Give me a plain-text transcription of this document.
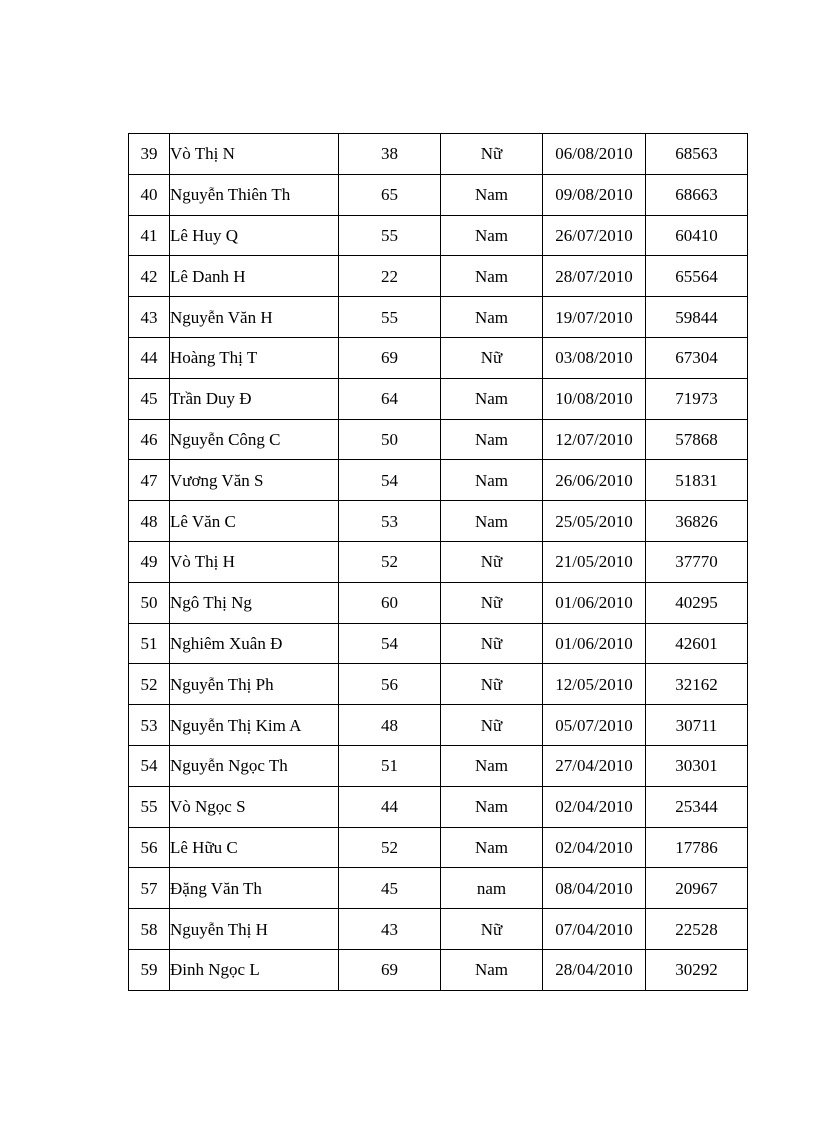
39	Vò Thị N	38	Nữ	06/08/2010	68563
40	Nguyễn Thiên Th	65	Nam	09/08/2010	68663
41	Lê Huy Q	55	Nam	26/07/2010	60410
42	Lê Danh H	22	Nam	28/07/2010	65564
43	Nguyễn Văn H	55	Nam	19/07/2010	59844
44	Hoàng Thị T	69	Nữ	03/08/2010	67304
45	Trần Duy Đ	64	Nam	10/08/2010	71973
46	Nguyễn Công C	50	Nam	12/07/2010	57868
47	Vương Văn S	54	Nam	26/06/2010	51831
48	Lê Văn C	53	Nam	25/05/2010	36826
49	Vò Thị H	52	Nữ	21/05/2010	37770
50	Ngô Thị Ng	60	Nữ	01/06/2010	40295
51	Nghiêm Xuân Đ	54	Nữ	01/06/2010	42601
52	Nguyễn Thị Ph	56	Nữ	12/05/2010	32162
53	Nguyễn Thị Kim A	48	Nữ	05/07/2010	30711
54	Nguyễn Ngọc Th	51	Nam	27/04/2010	30301
55	Vò Ngọc S	44	Nam	02/04/2010	25344
56	Lê Hữu C	52	Nam	02/04/2010	17786
57	Đặng Văn Th	45	nam	08/04/2010	20967
58	Nguyễn Thị H	43	Nữ	07/04/2010	22528
59	Đinh Ngọc L	69	Nam	28/04/2010	30292
